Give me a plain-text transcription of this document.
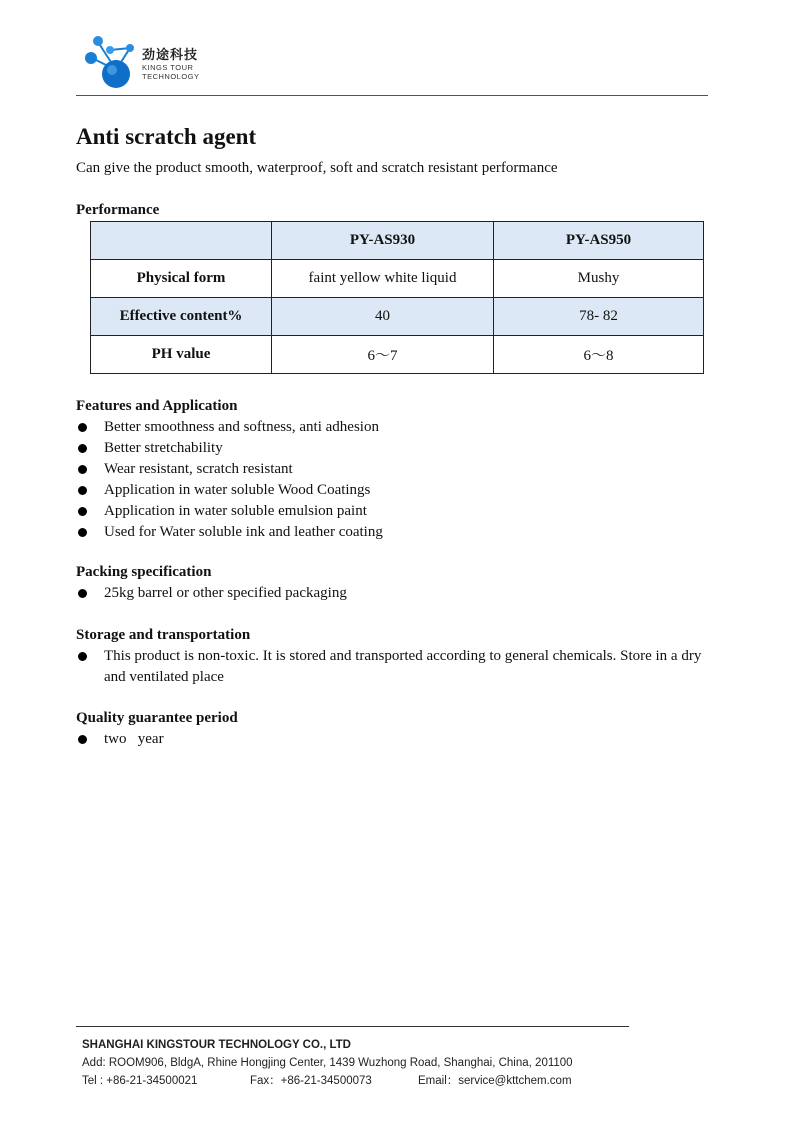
劲途科技
KINGS TOUR
TECHNOLOGY
Anti scratch agent
Can give the product smooth, waterproof, soft and scratch resistant performance
Performance
	PY-AS930	PY-AS950
Physical form	faint yellow white liquid	Mushy
Effective content%	40	78- 82
PH value	6～7	6～8
Features and Application
Better smoothness and softness, anti adhesion
Better stretchability
Wear resistant, scratch resistant
Application in water soluble Wood Coatings
Application in water soluble emulsion paint
Used for Water soluble ink and leather coating
Packing specification
25kg barrel or other specified packaging
Storage and transportation
This product is non-toxic. It is stored and transported according to general chemicals. Store in a dry and ventilated place
Quality guarantee period
two   year
SHANGHAI KINGSTOUR TECHNOLOGY CO., LTD
Add: ROOM906, BldgA, Rhine Hongjing Center, 1439 Wuzhong Road, Shanghai, China, 201100
Tel : +86-21-34500021	Fax：+86-21-34500073	Email：service@kttchem.com
